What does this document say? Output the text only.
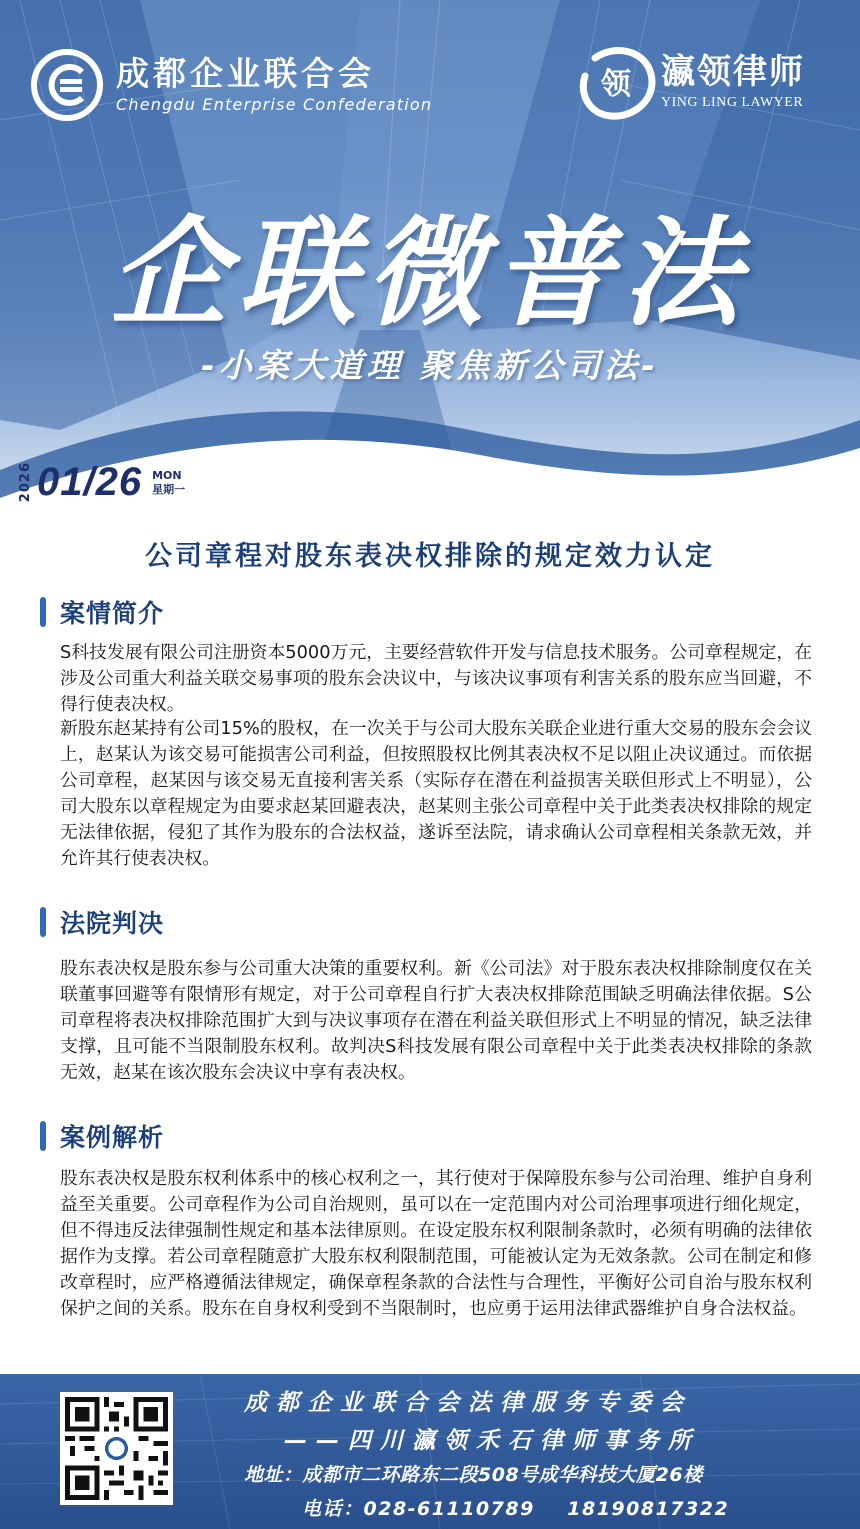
成都企业联合会
Chengdu Enterprise Confederation
领 瀛领律师
YING LING LAWYER
企联微普法
-小案大道理 聚焦新公司法-
2026 01/26 MON
星期一
公司章程对股东表决权排除的规定效力认定
案情简介
S科技发展有限公司注册资本5000万元，主要经营软件开发与信息技术服务。公司章程规定，在涉及公司重大利益关联交易事项的股东会决议中，与该决议事项有利害关系的股东应当回避，不得行使表决权。
新股东赵某持有公司15%的股权，在一次关于与公司大股东关联企业进行重大交易的股东会会议上，赵某认为该交易可能损害公司利益，但按照股权比例其表决权不足以阻止决议通过。而依据公司章程，赵某因与该交易无直接利害关系（实际存在潜在利益损害关联但形式上不明显），公司大股东以章程规定为由要求赵某回避表决，赵某则主张公司章程中关于此类表决权排除的规定无法律依据，侵犯了其作为股东的合法权益，遂诉至法院，请求确认公司章程相关条款无效，并允许其行使表决权。
法院判决
股东表决权是股东参与公司重大决策的重要权利。新《公司法》对于股东表决权排除制度仅在关联董事回避等有限情形有规定，对于公司章程自行扩大表决权排除范围缺乏明确法律依据。S公司章程将表决权排除范围扩大到与决议事项存在潜在利益关联但形式上不明显的情况，缺乏法律支撑，且可能不当限制股东权利。故判决S科技发展有限公司章程中关于此类表决权排除的条款无效，赵某在该次股东会决议中享有表决权。
案例解析
股东表决权是股东权利体系中的核心权利之一，其行使对于保障股东参与公司治理、维护自身利益至关重要。公司章程作为公司自治规则，虽可以在一定范围内对公司治理事项进行细化规定，但不得违反法律强制性规定和基本法律原则。在设定股东权利限制条款时，必须有明确的法律依据作为支撑。若公司章程随意扩大股东权利限制范围，可能被认定为无效条款。公司在制定和修改章程时，应严格遵循法律规定，确保章程条款的合法性与合理性，平衡好公司自治与股东权利保护之间的关系。股东在自身权利受到不当限制时，也应勇于运用法律武器维护自身合法权益。
成都企业联合会法律服务专委会
——四川瀛领禾石律师事务所
地址：成都市二环路东二段508号成华科技大厦26楼
电话：028-61110789    18190817322
